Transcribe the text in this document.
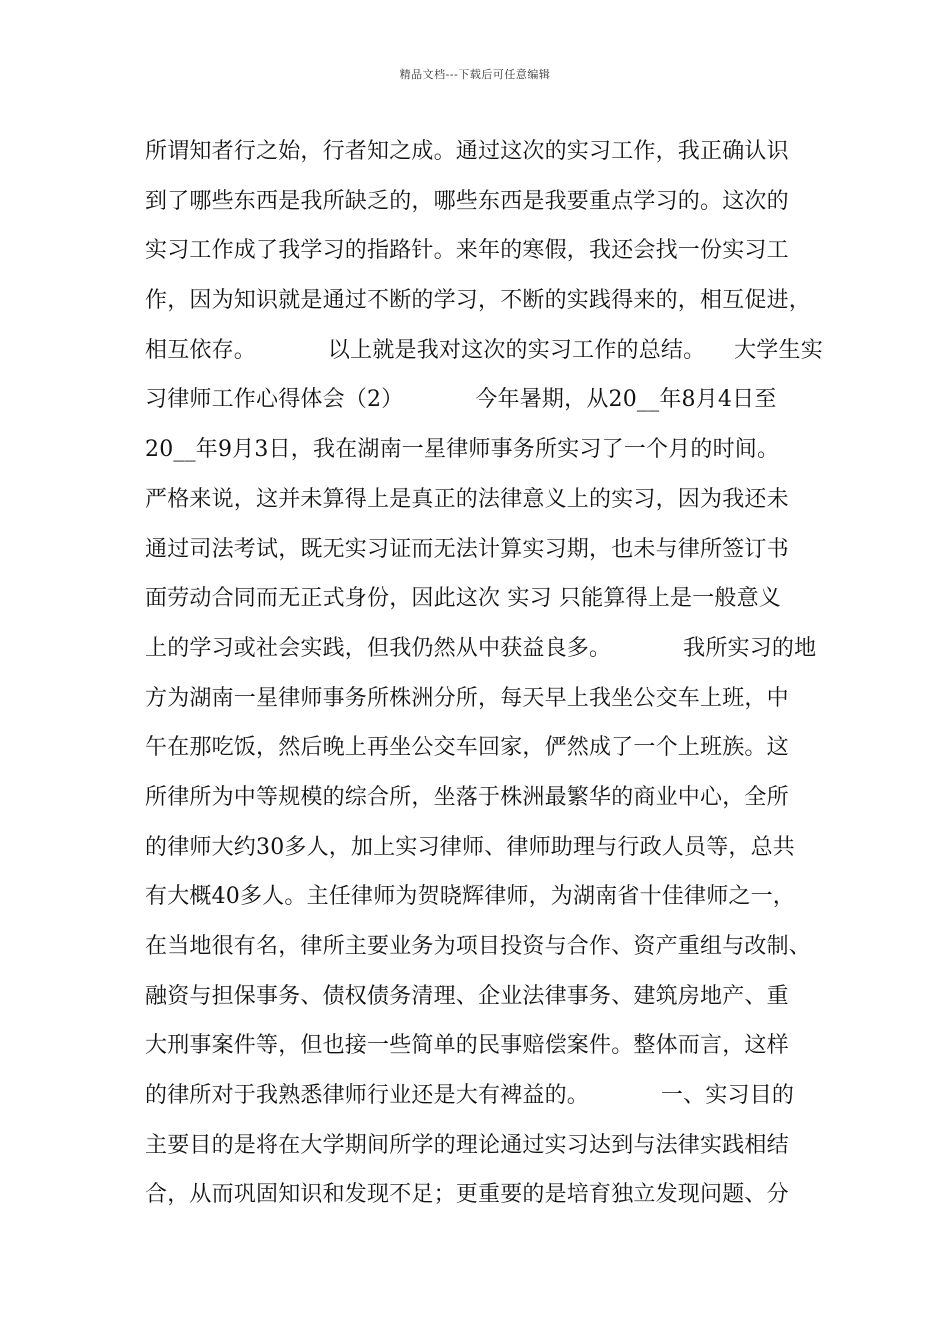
精品文档---下载后可任意编辑
所谓知者行之始，行者知之成。通过这次的实习工作，我正确认识
到了哪些东西是我所缺乏的，哪些东西是我要重点学习的。这次的
实习工作成了我学习的指路针。来年的寒假，我还会找一份实习工
作，因为知识就是通过不断的学习，不断的实践得来的，相互促进，
相互依存。          以上就是我对这次的实习工作的总结。    大学生实
习律师工作心得体会（2）          今年暑期，从20__年8月4日至
20__年9月3日，我在湖南一星律师事务所实习了一个月的时间。
严格来说，这并未算得上是真正的法律意义上的实习，因为我还未
通过司法考试，既无实习证而无法计算实习期，也未与律所签订书
面劳动合同而无正式身份，因此这次 实习 只能算得上是一般意义
上的学习或社会实践，但我仍然从中获益良多。          我所实习的地
方为湖南一星律师事务所株洲分所，每天早上我坐公交车上班，中
午在那吃饭，然后晚上再坐公交车回家，俨然成了一个上班族。这
所律所为中等规模的综合所，坐落于株洲最繁华的商业中心，全所
的律师大约30多人，加上实习律师、律师助理与行政人员等，总共
有大概40多人。主任律师为贺晓辉律师，为湖南省十佳律师之一，
在当地很有名，律所主要业务为项目投资与合作、资产重组与改制、
融资与担保事务、债权债务清理、企业法律事务、建筑房地产、重
大刑事案件等，但也接一些简单的民事赔偿案件。整体而言，这样
的律所对于我熟悉律师行业还是大有裨益的。          一、实习目的
主要目的是将在大学期间所学的理论通过实习达到与法律实践相结
合，从而巩固知识和发现不足；更重要的是培育独立发现问题、分
